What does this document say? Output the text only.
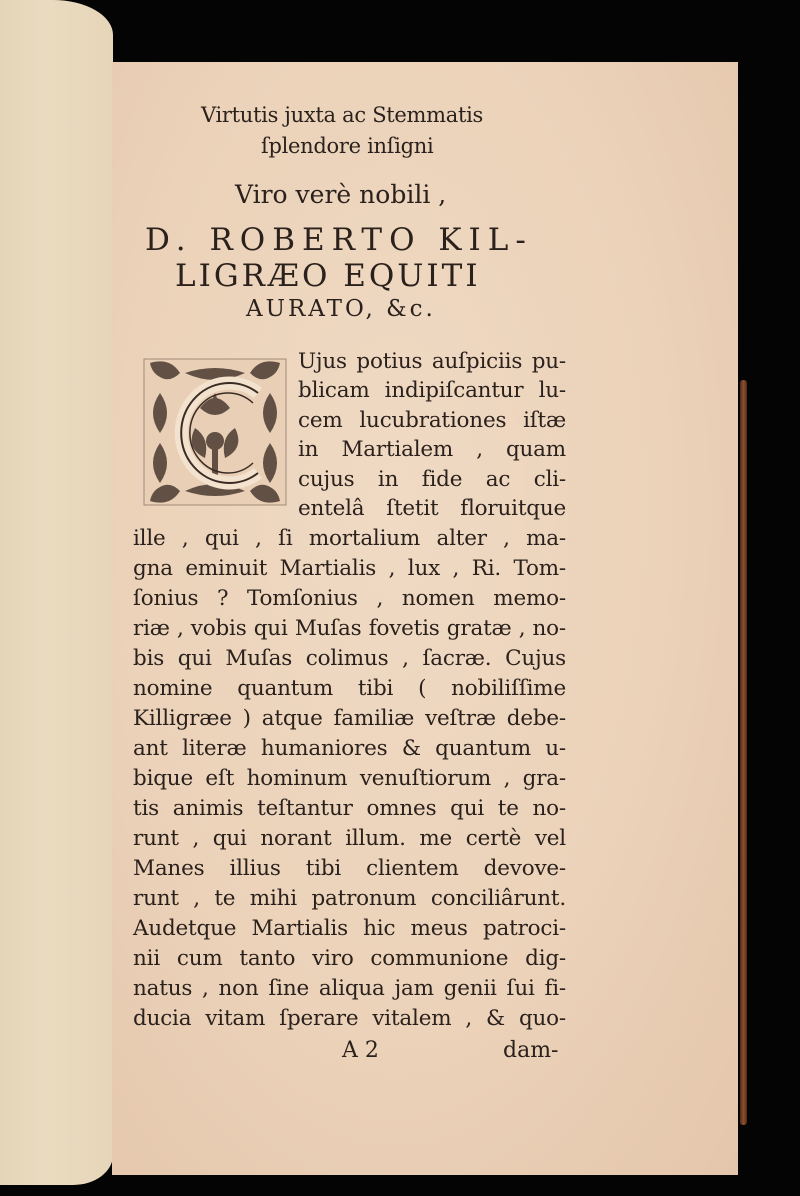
Virtutis juxta ac Stemmatis
ſplendore inſigni
Viro verè nobili ,
D. ROBERTO KIL-
LIGRÆO EQUITI
AURATO, &c.
Ujus potius auſpiciis pu-
blicam indipiſcantur lu-
cem lucubrationes iſtæ
in Martialem , quam
cujus in fide ac cli-
entelâ ſtetit floruitque
ille , qui , ſi mortalium alter , ma-
gna eminuit Martialis , lux , Ri. Tom-
ſonius ? Tomſonius , nomen memo-
riæ , vobis qui Muſas fovetis gratæ , no-
bis qui Muſas colimus , ſacræ. Cujus
nomine quantum tibi ( nobiliſſime
Killigræe ) atque familiæ veſtræ debe-
ant literæ humaniores & quantum u-
bique eſt hominum venuſtiorum , gra-
tis animis teſtantur omnes qui te no-
runt , qui norant illum. me certè vel
Manes illius tibi clientem devove-
runt , te mihi patronum conciliârunt.
Audetque Martialis hic meus patroci-
nii cum tanto viro communione dig-
natus , non ſine aliqua jam genii ſui fi-
ducia vitam ſperare vitalem , & quo-
A 2	dam-
